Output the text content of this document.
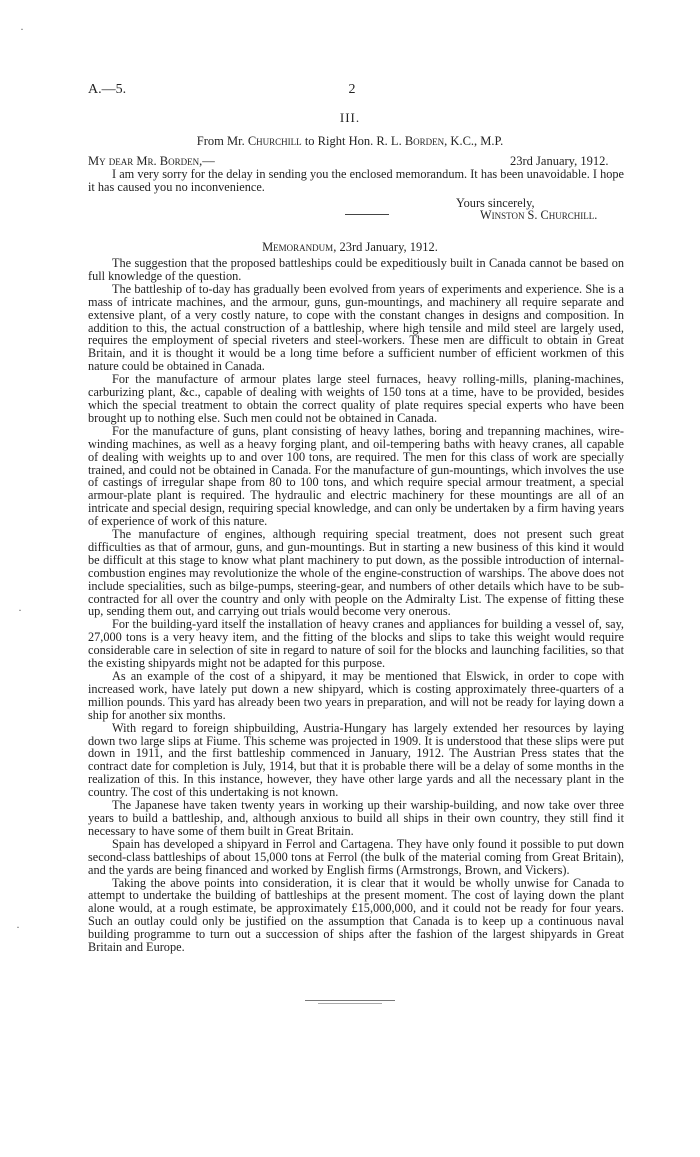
·
·
·
A.—5.	2
III.
From Mr. Churchill to Right Hon. R. L. Borden, K.C., M.P.
My dear Mr. Borden,—	23rd January, 1912.
I am very sorry for the delay in sending you the enclosed memorandum. It has been unavoidable. I hope it has caused you no inconvenience.
Yours sincerely,
Winston S. Churchill.
Memorandum, 23rd January, 1912.

The suggestion that the proposed battleships could be expeditiously built in Canada cannot be based on full knowledge of the question.

The battleship of to-day has gradually been evolved from years of experiments and experience. She is a mass of intricate machines, and the armour, guns, gun-mountings, and machinery all require separate and extensive plant, of a very costly nature, to cope with the constant changes in designs and composition. In addition to this, the actual construction of a battleship, where high tensile and mild steel are largely used, requires the employment of special riveters and steel-workers. These men are difficult to obtain in Great Britain, and it is thought it would be a long time before a sufficient number of efficient workmen of this nature could be obtained in Canada.

For the manufacture of armour plates large steel furnaces, heavy rolling-mills, planing-machines, carburizing plant, &c., capable of dealing with weights of 150 tons at a time, have to be provided, besides which the special treatment to obtain the correct quality of plate requires special experts who have been brought up to nothing else. Such men could not be obtained in Canada.

For the manufacture of guns, plant consisting of heavy lathes, boring and trepanning machines, wire-winding machines, as well as a heavy forging plant, and oil-tempering baths with heavy cranes, all capable of dealing with weights up to and over 100 tons, are required. The men for this class of work are specially trained, and could not be obtained in Canada. For the manufacture of gun-mountings, which involves the use of castings of irregular shape from 80 to 100 tons, and which require special armour treatment, a special armour-plate plant is required. The hydraulic and electric machinery for these mountings are all of an intricate and special design, requiring special knowledge, and can only be undertaken by a firm having years of experience of work of this nature.

The manufacture of engines, although requiring special treatment, does not present such great difficulties as that of armour, guns, and gun-mountings. But in starting a new business of this kind it would be difficult at this stage to know what plant machinery to put down, as the possible introduction of internal-combustion engines may revolutionize the whole of the engine-construction of warships. The above does not include specialities, such as bilge-pumps, steering-gear, and numbers of other details which have to be sub-contracted for all over the country and only with people on the Admiralty List. The expense of fitting these up, sending them out, and carrying out trials would become very onerous.

For the building-yard itself the installation of heavy cranes and appliances for building a vessel of, say, 27,000 tons is a very heavy item, and the fitting of the blocks and slips to take this weight would require considerable care in selection of site in regard to nature of soil for the blocks and launching facilities, so that the existing shipyards might not be adapted for this purpose.

As an example of the cost of a shipyard, it may be mentioned that Elswick, in order to cope with increased work, have lately put down a new shipyard, which is costing approximately three-quarters of a million pounds. This yard has already been two years in preparation, and will not be ready for laying down a ship for another six months.

With regard to foreign shipbuilding, Austria-Hungary has largely extended her resources by laying down two large slips at Fiume. This scheme was projected in 1909. It is understood that these slips were put down in 1911, and the first battleship commenced in January, 1912. The Austrian Press states that the contract date for completion is July, 1914, but that it is probable there will be a delay of some months in the realization of this. In this instance, however, they have other large yards and all the necessary plant in the country. The cost of this undertaking is not known.

The Japanese have taken twenty years in working up their warship-building, and now take over three years to build a battleship, and, although anxious to build all ships in their own country, they still find it necessary to have some of them built in Great Britain.

Spain has developed a shipyard in Ferrol and Cartagena. They have only found it possible to put down second-class battleships of about 15,000 tons at Ferrol (the bulk of the material coming from Great Britain), and the yards are being financed and worked by English firms (Armstrongs, Brown, and Vickers).

Taking the above points into consideration, it is clear that it would be wholly unwise for Canada to attempt to undertake the building of battleships at the present moment. The cost of laying down the plant alone would, at a rough estimate, be approximately £15,000,000, and it could not be ready for four years. Such an outlay could only be justified on the assumption that Canada is to keep up a continuous naval building programme to turn out a succession of ships after the fashion of the largest shipyards in Great Britain and Europe.
